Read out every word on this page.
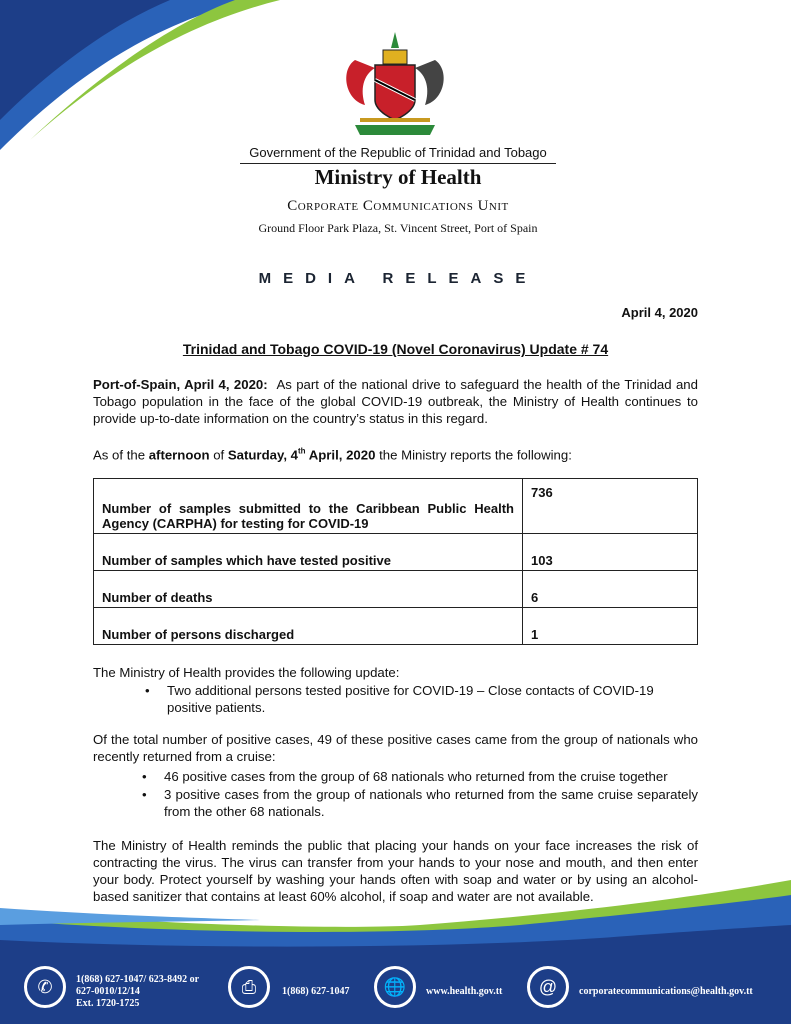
Government of the Republic of Trinidad and Tobago
Ministry of Health
Corporate Communications Unit
Ground Floor Park Plaza, St. Vincent Street, Port of Spain
MEDIA RELEASE
April 4, 2020
Trinidad and Tobago COVID-19 (Novel Coronavirus) Update # 74
Port-of-Spain, April 4, 2020: As part of the national drive to safeguard the health of the Trinidad and Tobago population in the face of the global COVID-19 outbreak, the Ministry of Health continues to provide up-to-date information on the country’s status in this regard.
As of the afternoon of Saturday, 4th April, 2020 the Ministry reports the following:
Number of samples submitted to the Caribbean Public Health Agency (CARPHA) for testing for COVID-19	736
Number of samples which have tested positive	103
Number of deaths	6
Number of persons discharged	1
The Ministry of Health provides the following update:
• Two additional persons tested positive for COVID-19 – Close contacts of COVID-19 positive patients.
Of the total number of positive cases, 49 of these positive cases came from the group of nationals who recently returned from a cruise:
• 46 positive cases from the group of 68 nationals who returned from the cruise together
• 3 positive cases from the group of nationals who returned from the same cruise separately from the other 68 nationals.
The Ministry of Health reminds the public that placing your hands on your face increases the risk of contracting the virus. The virus can transfer from your hands to your nose and mouth, and then enter your body. Protect yourself by washing your hands often with soap and water or by using an alcohol-based sanitizer that contains at least 60% alcohol, if soap and water are not available.
✆	1(868) 627-1047/ 623-8492 or
627-0010/12/14
Ext. 1720-1725
⎙	1(868) 627-1047	🌐	www.health.gov.tt	@	corporatecommunications@health.gov.tt
